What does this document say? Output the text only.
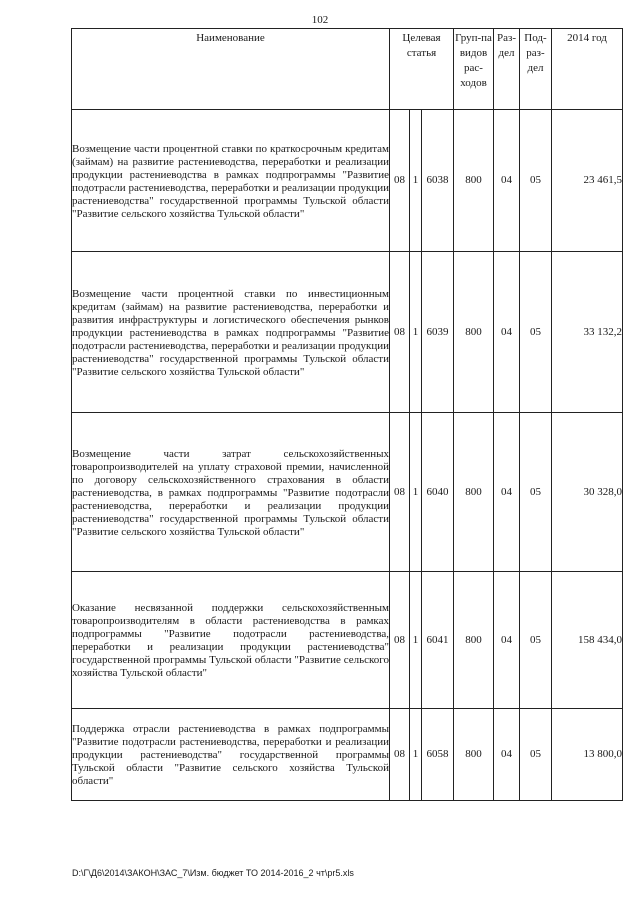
102
Наименование	Целевая статья			Груп-па видов рас-ходов	Раз-дел	Под-раз-дел	2014 год

Возмещение части процентной ставки по краткосрочным кредитам (займам) на развитие растениеводства, переработки и реализации продукции растениеводства в рамках подпрограммы "Развитие подотрасли растениеводства, переработки и реализации продукции растениеводства" государственной программы Тульской области "Развитие сельского хозяйства Тульской области"	08	1	6038	800	04	05	23 461,5

Возмещение части процентной ставки по инвестиционным кредитам (займам) на развитие растениеводства, переработки и развития инфраструктуры и логистического обеспечения рынков продукции растениеводства в рамках подпрограммы "Развитие подотрасли растениеводства, переработки и реализации продукции растениеводства" государственной программы Тульской области "Развитие сельского хозяйства Тульской области"	08	1	6039	800	04	05	33 132,2

Возмещение части затрат сельскохозяйственных товаропроизводителей на уплату страховой премии, начисленной по договору сельскохозяйственного страхования в области растениеводства, в рамках подпрограммы "Развитие подотрасли растениеводства, переработки и реализации продукции растениеводства" государственной программы Тульской области "Развитие сельского хозяйства Тульской области"	08	1	6040	800	04	05	30 328,0

Оказание несвязанной поддержки сельскохозяйственным товаропроизводителям в области растениеводства в рамках подпрограммы "Развитие подотрасли растениеводства, переработки и реализации продукции растениеводства" государственной программы Тульской области "Развитие сельского хозяйства Тульской области"	08	1	6041	800	04	05	158 434,0

Поддержка отрасли растениеводства в рамках подпрограммы "Развитие подотрасли растениеводства, переработки и реализации продукции растениеводства" государственной программы Тульской области "Развитие сельского хозяйства Тульской области"	08	1	6058	800	04	05	13 800,0
D:\Г\Д6\2014\ЗАКОН\ЗАС_7\Изм. бюджет ТО 2014-2016_2 чт\pr5.xls
